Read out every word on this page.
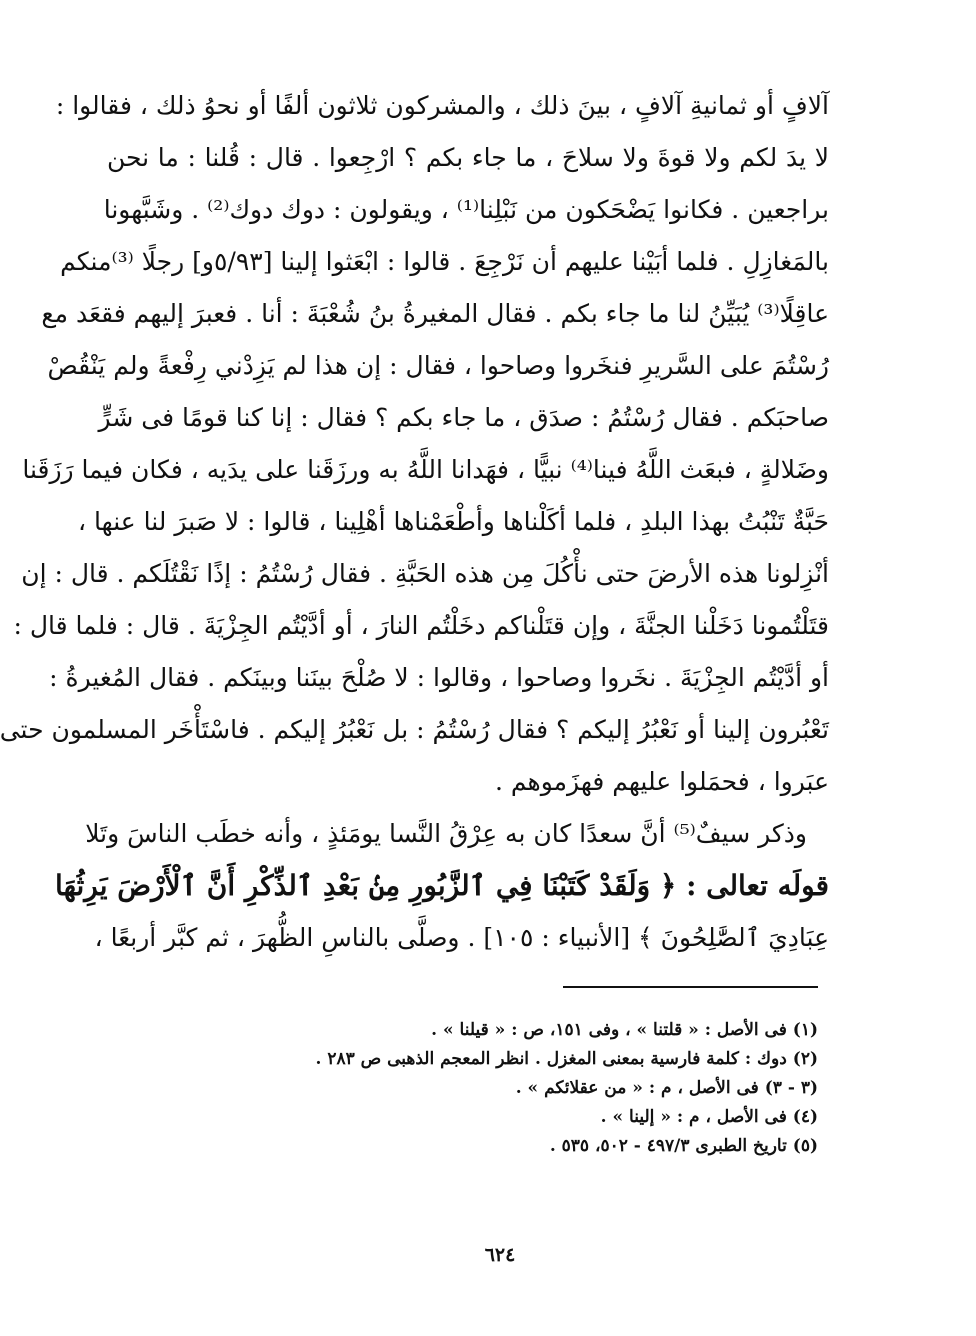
آلافٍ أو ثمانيةِ آلافٍ ، بينَ ذلك ، والمشركون ثلاثون ألفًا أو نحوُ ذلك ، فقالوا :
لا يدَ لكم ولا قوةَ ولا سلاحَ ، ما جاء بكم ؟ ارْجِعوا . قال : قُلنا : ما نحن
براجعين . فكانوا يَضْحَكون من نَبْلِنا⁽¹⁾ ، ويقولون : دوك دوك⁽²⁾ . وشَبَّهونا
بالمَغازِلِ . فلما أبَيْنا عليهم أن نَرْجِعَ . قالوا : ابْعَثوا إلينا [٥/٩٣و] رجلًا ⁽³⁾منكم
عاقِلًا⁽³⁾ يُبَيِّنُ لنا ما جاء بكم . فقال المغيرةُ بنُ شُعْبَةَ : أنا . فعبرَ إليهم فقعَد مع
رُسْتُمَ على السَّريرِ فنخَروا وصاحوا ، فقال : إن هذا لم يَزِدْني رِفْعةً ولم يَنْقُصْ
صاحبَكم . فقال رُسْتُمُ : صدَق ، ما جاء بكم ؟ فقال : إنا كنا قومًا فى شَرٍّ
وضَلالةٍ ، فبعَث اللَّهُ فينا⁽⁴⁾ نبيًّا ، فهَدانا اللَّهُ به ورزَقَنا على يدَيه ، فكان فيما رَزَقَنا
حَبَّةٌ تَنْبُتُ بهذا البلدِ ، فلما أكَلْناها وأطْعَمْناها أهْلِينا ، قالوا : لا صَبرَ لنا عنها ،
أنْزِلونا هذه الأرضَ حتى نأْكُلَ مِن هذه الحَبَّةِ . فقال رُسْتُمُ : إذًا نَقْتُلَكم . قال : إن
قتَلْتُمونا دَخَلْنا الجنَّةَ ، وإن قتَلْناكم دخَلْتُم النارَ ، أو أدَّيْتُم الجِزْيَةَ . قال : فلما قال :
أو أدَّيْتُم الجِزْيَةَ . نخَروا وصاحوا ، وقالوا : لا صُلْحَ بينَنا وبينَكم . فقال المُغيرةُ :
تَعْبُرون إلينا أو نَعْبُرُ إليكم ؟ فقال رُسْتُمُ : بل نَعْبُرُ إليكم . فاسْتَأْخَر المسلمون حتى
عبَروا ، فحمَلوا عليهم فهزَموهم .
وذكر سيفٌ⁽⁵⁾ أنَّ سعدًا كان به عِرْقُ النَّسا يومَئذٍ ، وأنه خطَب الناسَ وتَلا
قولَه تعالى : ﴿ وَلَقَدْ كَتَبْنَا فِي ٱلزَّبُورِ مِنۢ بَعْدِ ٱلذِّكْرِ أَنَّ ٱلْأَرْضَ يَرِثُهَا
عِبَادِيَ ٱلصَّٰلِحُونَ ﴾ [الأنبياء : ١٠٥] . وصلَّى بالناسِ الظُّهرَ ، ثم كبَّر أربعًا ،
(١) فى الأصل : « قلتنا » ، وفى ١٥١، ص : « قيلنا » .
(٢) دوك : كلمة فارسية بمعنى المغزل . انظر المعجم الذهبى ص ٢٨٣ .
(٣ - ٣) فى الأصل ، م : « من عقلائكم » .
(٤) فى الأصل ، م : « إلينا » .
(٥) تاريخ الطبرى ٤٩٧/٣ - ٥٠٢، ٥٣٥ .
٦٢٤
